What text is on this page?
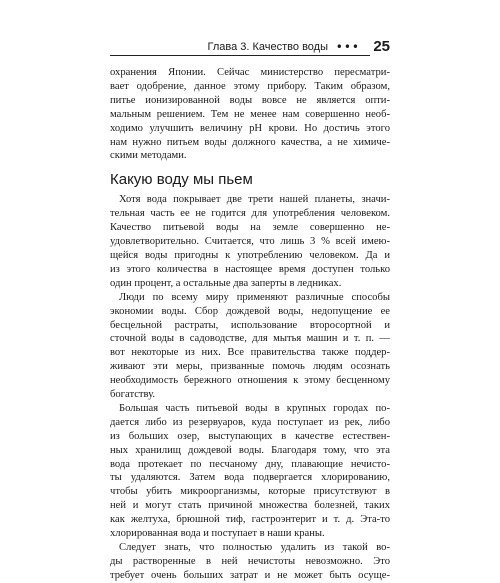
Глава 3. Качество воды ••• 25
охранения Японии. Сейчас министерство пересматри-
вает одобрение, данное этому прибору. Таким образом,
питье ионизированной воды вовсе не является опти-
мальным решением. Тем не менее нам совершенно необ-
ходимо улучшить величину pH крови. Но достичь этого
нам нужно питьем воды должного качества, а не химиче-
скими методами.
Какую воду мы пьем
Хотя вода покрывает две трети нашей планеты, значи-
тельная часть ее не годится для употребления человеком.
Качество питьевой воды на земле совершенно не-
удовлетворительно. Считается, что лишь 3 % всей имею-
щейся воды пригодны к употреблению человеком. Да и
из этого количества в настоящее время доступен только
один процент, а остальные два заперты в ледниках.
Люди по всему миру применяют различные способы
экономии воды. Сбор дождевой воды, недопущение ее
бесцельной растраты, использование второсортной и
сточной воды в садоводстве, для мытья машин и т. п. —
вот некоторые из них. Все правительства также поддер-
живают эти меры, призванные помочь людям осознать
необходимость бережного отношения к этому бесценному
богатству.
Большая часть питьевой воды в крупных городах по-
дается либо из резервуаров, куда поступает из рек, либо
из больших озер, выступающих в качестве естествен-
ных хранилищ дождевой воды. Благодаря тому, что эта
вода протекает по песчаному дну, плавающие нечисто-
ты удаляются. Затем вода подвергается хлорированию,
чтобы убить микроорганизмы, которые присутствуют в
ней и могут стать причиной множества болезней, таких
как желтуха, брюшной тиф, гастроэнтерит и т. д. Эта-то
хлорированная вода и поступает в наши краны.
Следует знать, что полностью удалить из такой во-
ды растворенные в ней нечистоты невозможно. Это
требует очень больших затрат и не может быть осуще-
